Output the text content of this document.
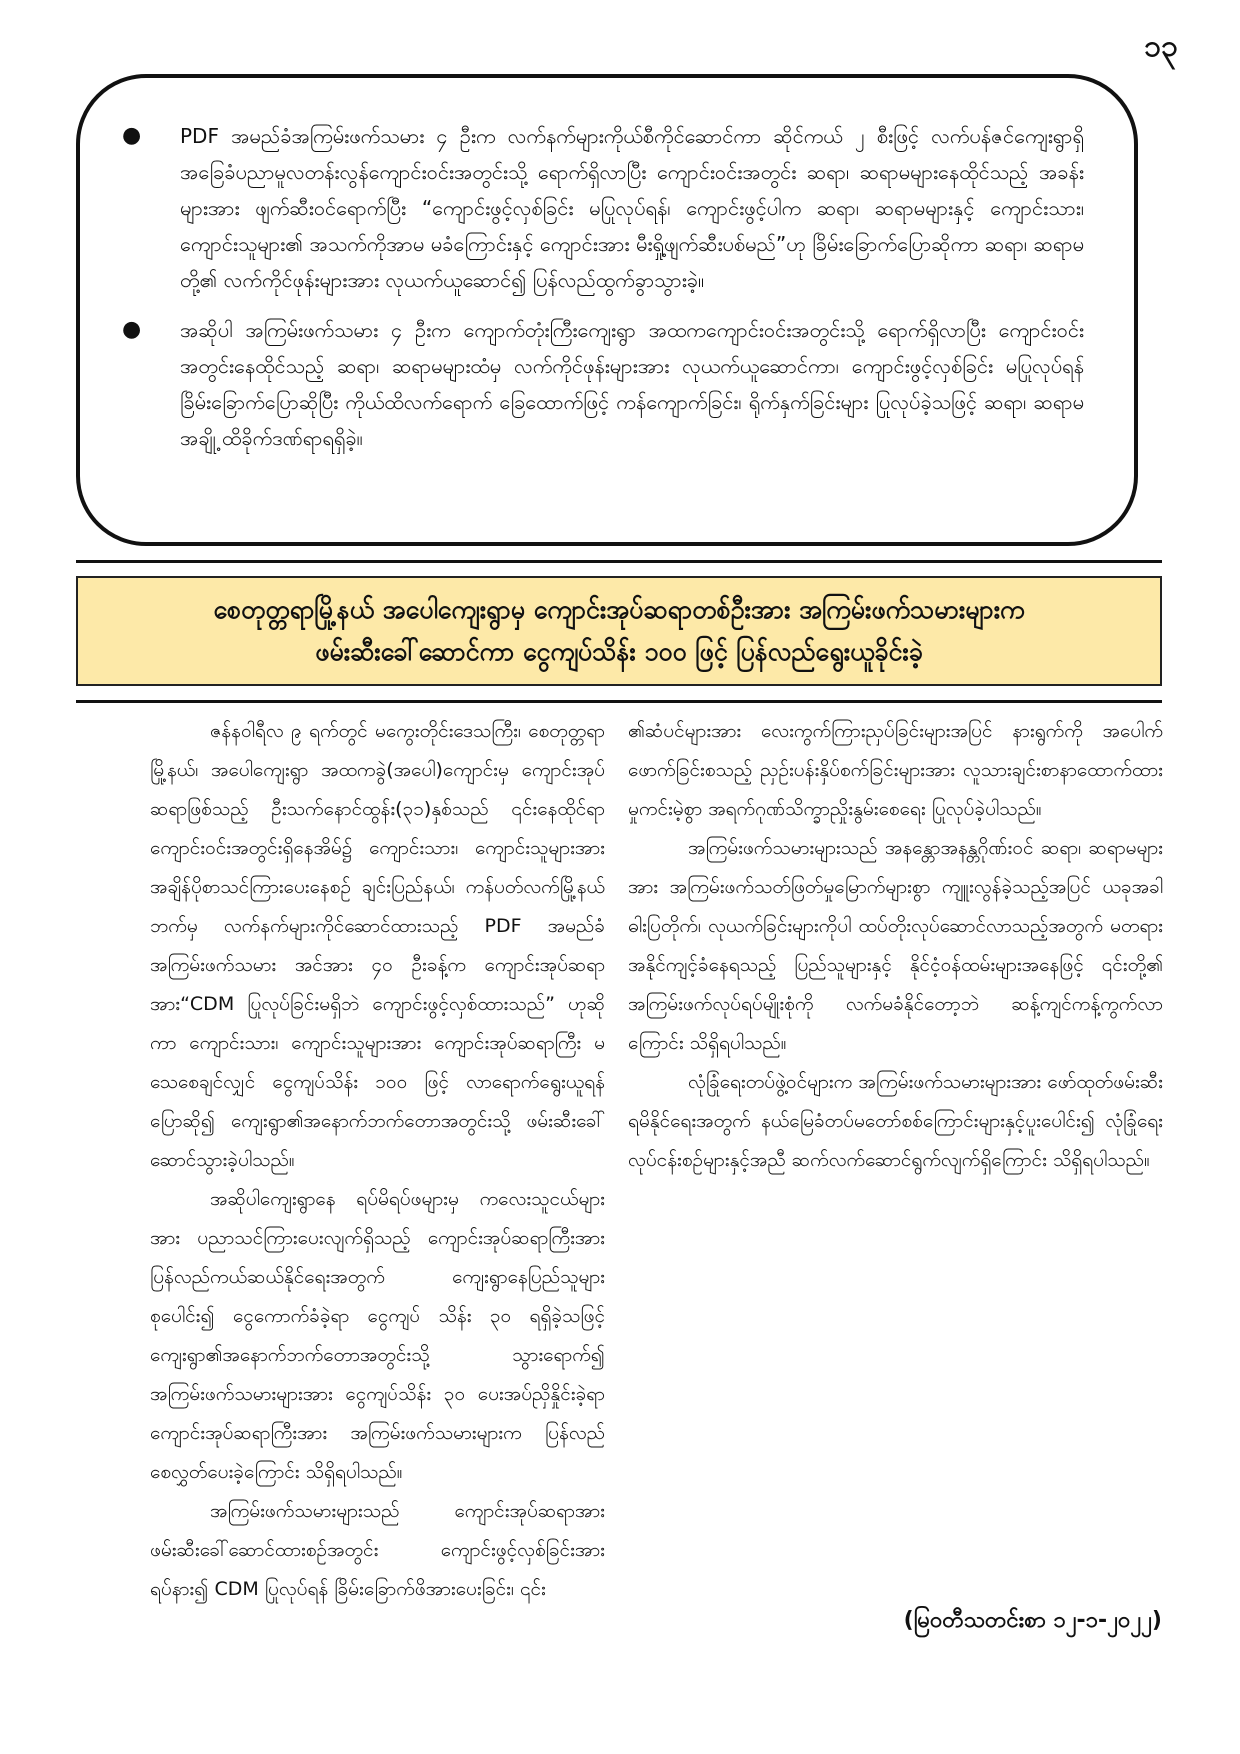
၁၃
● PDF အမည်ခံအကြမ်းဖက်သမား ၄ ဦးက လက်နက်များကိုယ်စီကိုင်ဆောင်ကာ ဆိုင်ကယ် ၂ စီးဖြင့် လက်ပန်ဇင်ကျေးရွာရှိ အခြေခံပညာမူလတန်းလွန်ကျောင်းဝင်းအတွင်းသို့ ရောက်ရှိလာပြီး ကျောင်းဝင်းအတွင်း ဆရာ၊ ဆရာမများနေထိုင်သည့် အခန်းများအား ဖျက်ဆီးဝင်ရောက်ပြီး “ကျောင်းဖွင့်လှစ်ခြင်း မပြုလုပ်ရန်၊ ကျောင်းဖွင့်ပါက ဆရာ၊ ဆရာမများနှင့် ကျောင်းသား၊ ကျောင်းသူများ၏ အသက်ကိုအာမ မခံကြောင်းနှင့် ကျောင်းအား မီးရှို့ဖျက်ဆီးပစ်မည်”ဟု ခြိမ်းခြောက်ပြောဆိုကာ ဆရာ၊ ဆရာမတို့၏ လက်ကိုင်ဖုန်းများအား လုယက်ယူဆောင်၍ ပြန်လည်ထွက်ခွာသွားခဲ့။
● အဆိုပါ အကြမ်းဖက်သမား ၄ ဦးက ကျောက်တုံးကြီးကျေးရွာ အထကကျောင်းဝင်းအတွင်းသို့ ရောက်ရှိလာပြီး ကျောင်းဝင်းအတွင်းနေထိုင်သည့် ဆရာ၊ ဆရာမများထံမှ လက်ကိုင်ဖုန်းများအား လုယက်ယူဆောင်ကာ၊ ကျောင်းဖွင့်လှစ်ခြင်း မပြုလုပ်ရန်ခြိမ်းခြောက်ပြောဆိုပြီး ကိုယ်ထိလက်ရောက် ခြေထောက်ဖြင့် ကန်ကျောက်ခြင်း၊ ရိုက်နှက်ခြင်းများ ပြုလုပ်ခဲ့သဖြင့် ဆရာ၊ ဆရာမအချို့ ထိခိုက်ဒဏ်ရာရရှိခဲ့။
စေတုတ္တရာမြို့နယ် အပေါကျေးရွာမှ ကျောင်းအုပ်ဆရာတစ်ဦးအား အကြမ်းဖက်သမားများက
ဖမ်းဆီးခေါ်ဆောင်ကာ ငွေကျပ်သိန်း ၁၀၀ ဖြင့် ပြန်လည်ရွေးယူခိုင်းခဲ့

ဇန်နဝါရီလ ၉ ရက်တွင် မကွေးတိုင်းဒေသကြီး၊ စေတုတ္တရာမြို့နယ်၊ အပေါကျေးရွာ အထကခွဲ(အပေါ)ကျောင်းမှ ကျောင်းအုပ်ဆရာဖြစ်သည့် ဦးသက်နောင်ထွန်း(၃၁)နှစ်သည် ၎င်းနေထိုင်ရာ ကျောင်းဝင်းအတွင်းရှိနေအိမ်၌ ကျောင်းသား၊ ကျောင်းသူများအား အချိန်ပိုစာသင်ကြားပေးနေစဉ် ချင်းပြည်နယ်၊ ကန်ပတ်လက်မြို့နယ်ဘက်မှ လက်နက်များကိုင်ဆောင်ထားသည့် PDF အမည်ခံ အကြမ်းဖက်သမား အင်အား ၄၀ ဦးခန့်က ကျောင်းအုပ်ဆရာအား“CDM ပြုလုပ်ခြင်းမရှိဘဲ ကျောင်းဖွင့်လှစ်ထားသည်” ဟုဆိုကာ ကျောင်းသား၊ ကျောင်းသူများအား ကျောင်းအုပ်ဆရာကြီး မသေစေချင်လျှင် ငွေကျပ်သိန်း ၁၀၀ ဖြင့် လာရောက်ရွေးယူရန်ပြောဆို၍ ကျေးရွာ၏အနောက်ဘက်တောအတွင်းသို့ ဖမ်းဆီးခေါ်ဆောင်သွားခဲ့ပါသည်။

အဆိုပါကျေးရွာနေ ရပ်မိရပ်ဖများမှ ကလေးသူငယ်များအား ပညာသင်ကြားပေးလျက်ရှိသည့် ကျောင်းအုပ်ဆရာကြီးအား ပြန်လည်ကယ်ဆယ်နိုင်ရေးအတွက် ကျေးရွာနေပြည်သူများ စုပေါင်း၍ ငွေကောက်ခံခဲ့ရာ ငွေကျပ် သိန်း ၃၀ ရရှိခဲ့သဖြင့် ကျေးရွာ၏အနောက်ဘက်တောအတွင်းသို့ သွားရောက်၍ အကြမ်းဖက်သမားများအား ငွေကျပ်သိန်း ၃၀ ပေးအပ်ညှိနှိုင်းခဲ့ရာ ကျောင်းအုပ်ဆရာကြီးအား အကြမ်းဖက်သမားများက ပြန်လည်စေလွှတ်ပေးခဲ့ကြောင်း သိရှိရပါသည်။

အကြမ်းဖက်သမားများသည် ကျောင်းအုပ်ဆရာအား ဖမ်းဆီးခေါ်ဆောင်ထားစဉ်အတွင်း ကျောင်းဖွင့်လှစ်ခြင်းအား ရပ်နား၍ CDM ပြုလုပ်ရန် ခြိမ်းခြောက်ဖိအားပေးခြင်း၊ ၎င်း

၏ဆံပင်များအား လေးကွက်ကြားညှပ်ခြင်းများအပြင် နားရွက်ကို အပေါက်ဖောက်ခြင်းစသည့် ညှဉ်းပန်းနှိပ်စက်ခြင်းများအား လူသားချင်းစာနာထောက်ထားမှုကင်းမဲ့စွာ အရက်ဂုဏ်သိက္ခာညှိုးနွမ်းစေရေး ပြုလုပ်ခဲ့ပါသည်။

အကြမ်းဖက်သမားများသည် အနန္တောအနန္တဂိုဏ်းဝင် ဆရာ၊ ဆရာမများအား အကြမ်းဖက်သတ်ဖြတ်မှုမြောက်များစွာ ကျူးလွန်ခဲ့သည့်အပြင် ယခုအခါ ဓါးပြတိုက်၊ လုယက်ခြင်းများကိုပါ ထပ်တိုးလုပ်ဆောင်လာသည့်အတွက် မတရားအနိုင်ကျင့်ခံနေရသည့် ပြည်သူများနှင့် နိုင်ငံ့ဝန်ထမ်းများအနေဖြင့် ၎င်းတို့၏ အကြမ်းဖက်လုပ်ရပ်မျိုးစုံကို လက်မခံနိုင်တော့ဘဲ ဆန့်ကျင်ကန့်ကွက်လာကြောင်း သိရှိရပါသည်။

လုံခြုံရေးတပ်ဖွဲ့ဝင်များက အကြမ်းဖက်သမားများအား ဖော်ထုတ်ဖမ်းဆီးရမိနိုင်ရေးအတွက် နယ်မြေခံတပ်မတော်စစ်ကြောင်းများနှင့်ပူးပေါင်း၍ လုံခြုံရေးလုပ်ငန်းစဉ်များနှင့်အညီ ဆက်လက်ဆောင်ရွက်လျက်ရှိကြောင်း သိရှိရပါသည်။

(မြဝတီသတင်းစာ ၁၂-၁-၂၀၂၂)
